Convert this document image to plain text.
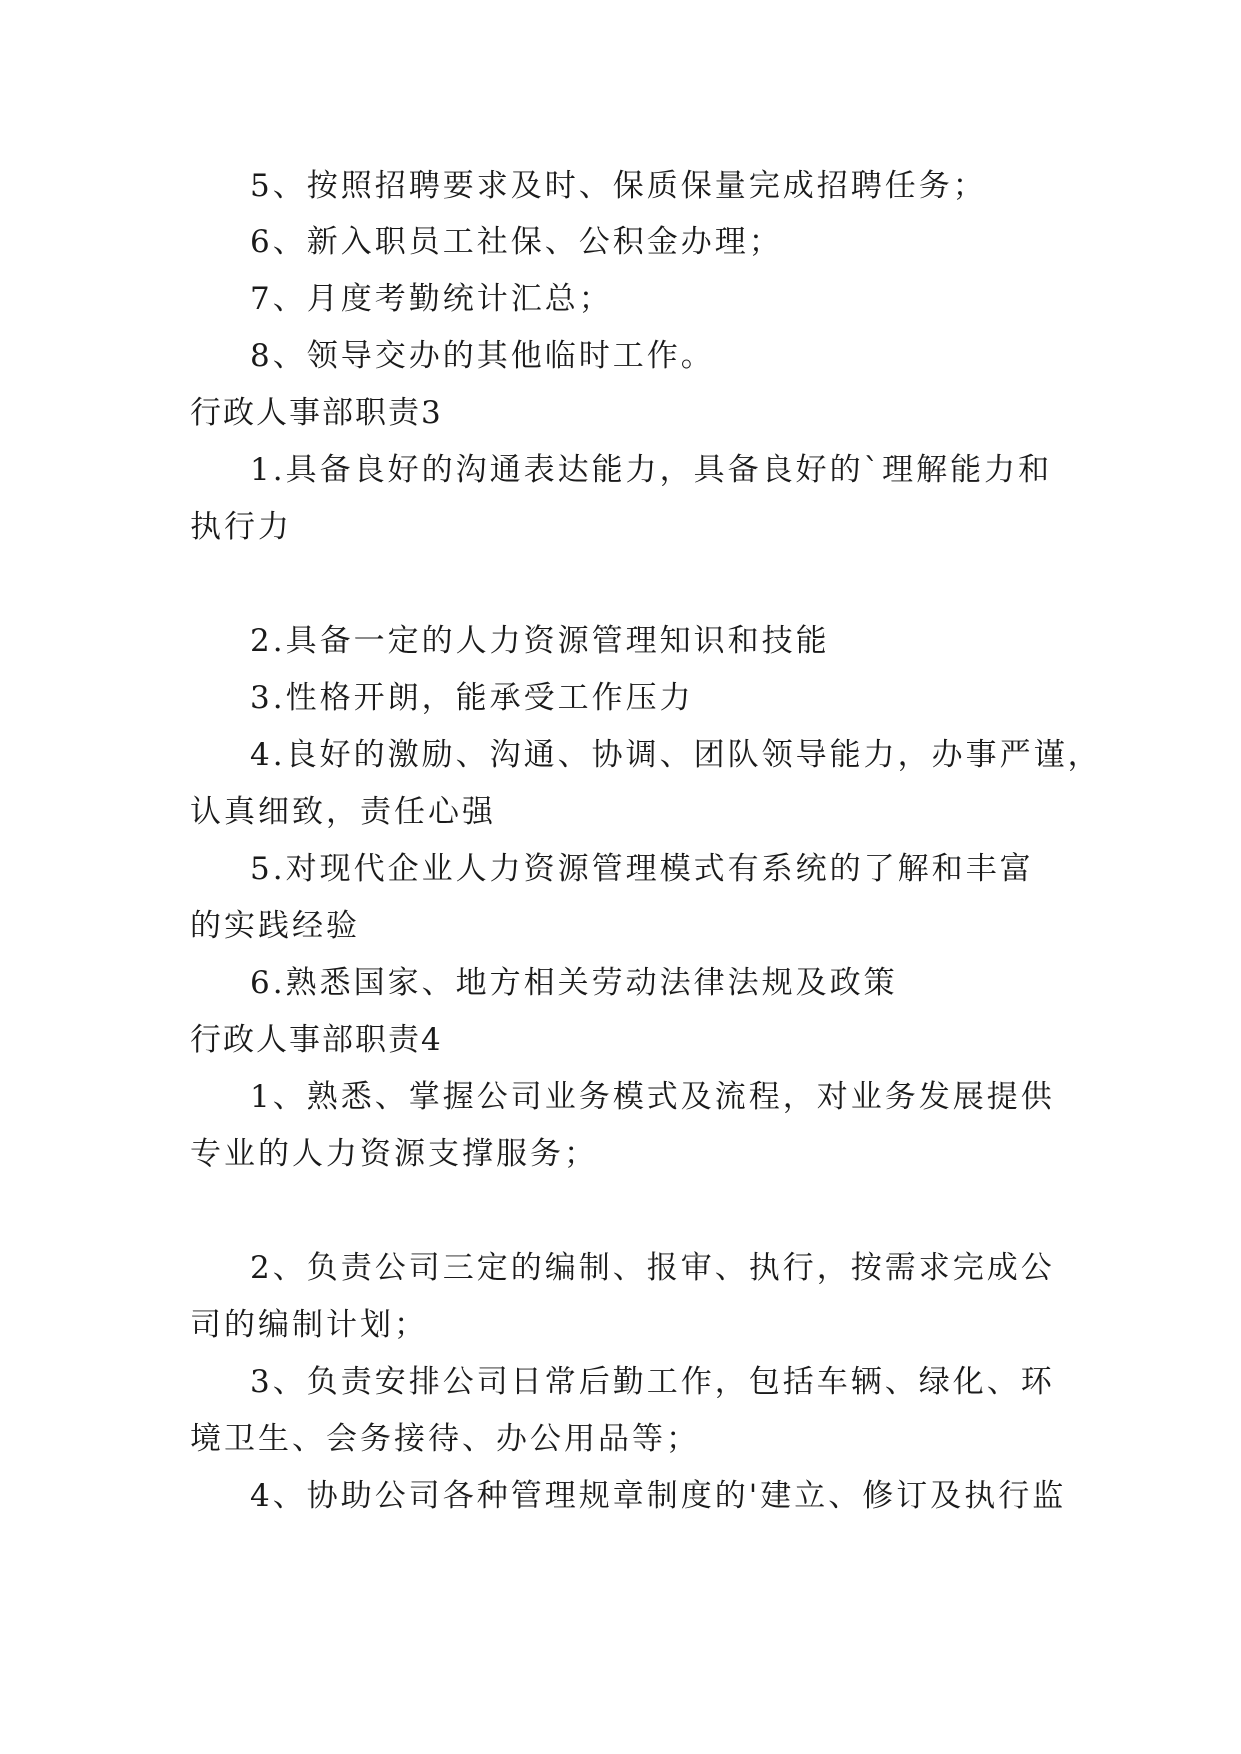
5、按照招聘要求及时、保质保量完成招聘任务；
6、新入职员工社保、公积金办理；
7、月度考勤统计汇总；
8、领导交办的其他临时工作。
行政人事部职责3
1.具备良好的沟通表达能力，具备良好的`理解能力和
执行力
2.具备一定的人力资源管理知识和技能
3.性格开朗，能承受工作压力
4.良好的激励、沟通、协调、团队领导能力，办事严谨，
认真细致，责任心强
5.对现代企业人力资源管理模式有系统的了解和丰富
的实践经验
6.熟悉国家、地方相关劳动法律法规及政策
行政人事部职责4
1、熟悉、掌握公司业务模式及流程，对业务发展提供
专业的人力资源支撑服务；
2、负责公司三定的编制、报审、执行，按需求完成公
司的编制计划；
3、负责安排公司日常后勤工作，包括车辆、绿化、环
境卫生、会务接待、办公用品等；
4、协助公司各种管理规章制度的'建立、修订及执行监
